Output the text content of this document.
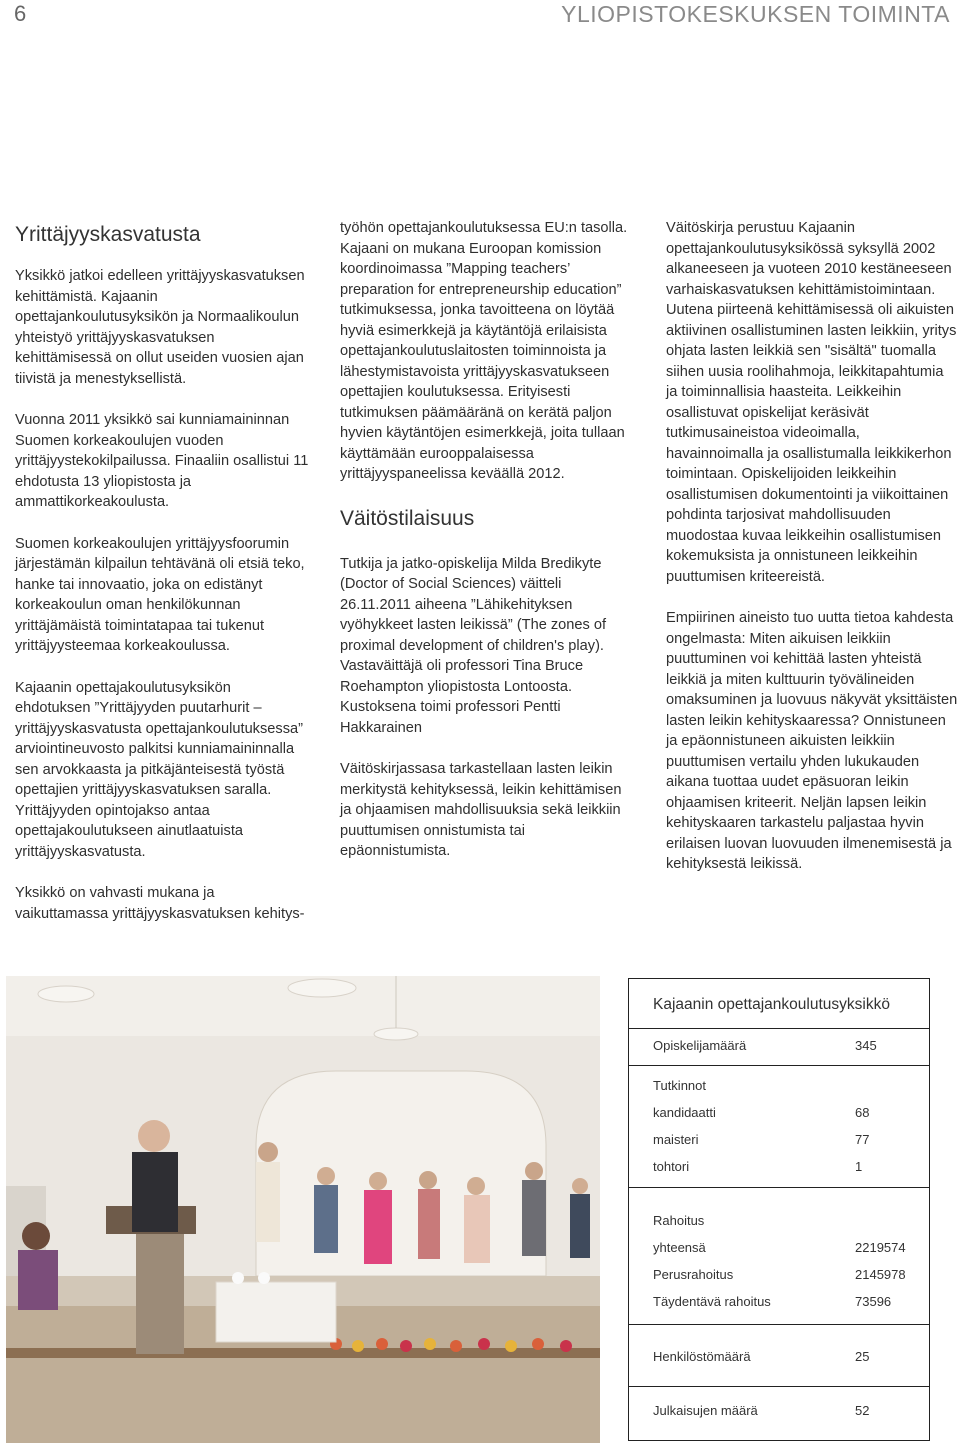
6	YLIOPISTOKESKUKSEN TOIMINTA
Yrittäjyyskasvatusta

Yksikkö jatkoi edelleen yrittäjyyskasvatuksen kehittämistä. Kajaanin opettajankoulutusyksikön ja Normaalikoulun yhteistyö yrittäjyyskasvatuksen kehittämisessä on ollut useiden vuosien ajan tiivistä ja menestyksellistä.

Vuonna 2011 yksikkö sai kunniamaininnan Suomen korkeakoulujen vuoden yrittäjyystekokilpailussa. Finaaliin osallistui 11 ehdotusta 13 yliopistosta ja ammattikorkeakoulusta.

Suomen korkeakoulujen yrittäjyysfoorumin järjestämän kilpailun tehtävänä oli etsiä teko, hanke tai innovaatio, joka on edistänyt korkeakoulun oman henkilökunnan yrittäjämäistä toimintatapaa tai tukenut yrittäjyysteemaa korkeakoulussa.

Kajaanin opettajakoulutusyksikön ehdotuksen ”Yrittäjyyden puutarhurit – yrittäjyyskasvatusta opettajankoulutuksessa” arviointineuvosto palkitsi kunniamaininnalla sen arvokkaasta ja pitkäjänteisestä työstä opettajien yrittäjyyskasvatuksen saralla. Yrittäjyyden opintojakso antaa opettajakoulutukseen ainutlaatuista yrittäjyyskasvatusta.

Yksikkö on vahvasti mukana ja vaikuttamassa yrittäjyyskasvatuksen kehitys-

työhön opettajankoulutuksessa EU:n tasolla. Kajaani on mukana Euroopan komission koordinoimassa ”Mapping teachers’ preparation for entrepreneurship education” tutkimuksessa, jonka tavoitteena on löytää hyviä esimerkkejä ja käytäntöjä erilaisista opettajankoulutuslaitosten toiminnoista ja lähestymistavoista yrittäjyyskasvatukseen opettajien koulutuksessa. Erityisesti tutkimuksen päämääränä on kerätä paljon hyvien käytäntöjen esimerkkejä, joita tullaan käyttämään eurooppalaisessa yrittäjyyspaneelissa keväällä 2012.

Väitöstilaisuus

Tutkija ja jatko-opiskelija Milda Bredikyte (Doctor of Social Sciences) väitteli 26.11.2011 aiheena ”Lähikehityksen vyöhykkeet lasten leikissä” (The zones of proximal development of children's play). Vastaväittäjä oli professori Tina Bruce Roehampton yliopistosta Lontoosta. Kustoksena toimi professori Pentti Hakkarainen

Väitöskirjassasa tarkastellaan lasten leikin merkitystä kehityksessä, leikin kehittämisen ja ohjaamisen mahdollisuuksia sekä leikkiin puuttumisen onnistumista tai epäonnistumista.

Väitöskirja perustuu Kajaanin opettajankoulutusyksikössä syksyllä 2002 alkaneeseen ja vuoteen 2010 kestäneeseen varhaiskasvatuksen kehittämistoimintaan. Uutena piirteenä kehittämisessä oli aikuisten aktiivinen osallistuminen lasten leikkiin, yritys ohjata lasten leikkiä sen "sisältä" tuomalla siihen uusia roolihahmoja, leikkitapahtumia ja toiminnallisia haasteita. Leikkeihin osallistuvat opiskelijat keräsivät tutkimusaineistoa videoimalla, havainnoimalla ja osallistumalla leikkikerhon toimintaan. Opiskelijoiden leikkeihin osallistumisen dokumentointi ja viikoittainen pohdinta tarjosivat mahdollisuuden muodostaa kuvaa leikkeihin osallistumisen kokemuksista ja onnistuneen leikkeihin puuttumisen kriteereistä.

Empiirinen aineisto tuo uutta tietoa kahdesta ongelmasta: Miten aikuisen leikkiin puuttuminen voi kehittää lasten yhteistä leikkiä ja miten kulttuurin työvälineiden omaksuminen ja luovuus näkyvät yksittäisten lasten leikin kehityskaaressa? Onnistuneen ja epäonnistuneen aikuisten leikkiin puuttumisen vertailu yhden lukukauden aikana tuottaa uudet epäsuoran leikin ohjaamisen kriteerit. Neljän lapsen leikin kehityskaaren tarkastelu paljastaa hyvin erilaisen luovan luovuuden ilmenemisestä ja kehityksestä leikissä.

Kajaanin opettajankoulutusyksikkö
Opiskelijamäärä	345
Tutkinnot
kandidaatti	68
maisteri	77
tohtori	1
Rahoitus
yhteensä	2219574
Perusrahoitus	2145978
Täydentävä rahoitus	73596
Henkilöstömäärä	25
Julkaisujen määrä	52
